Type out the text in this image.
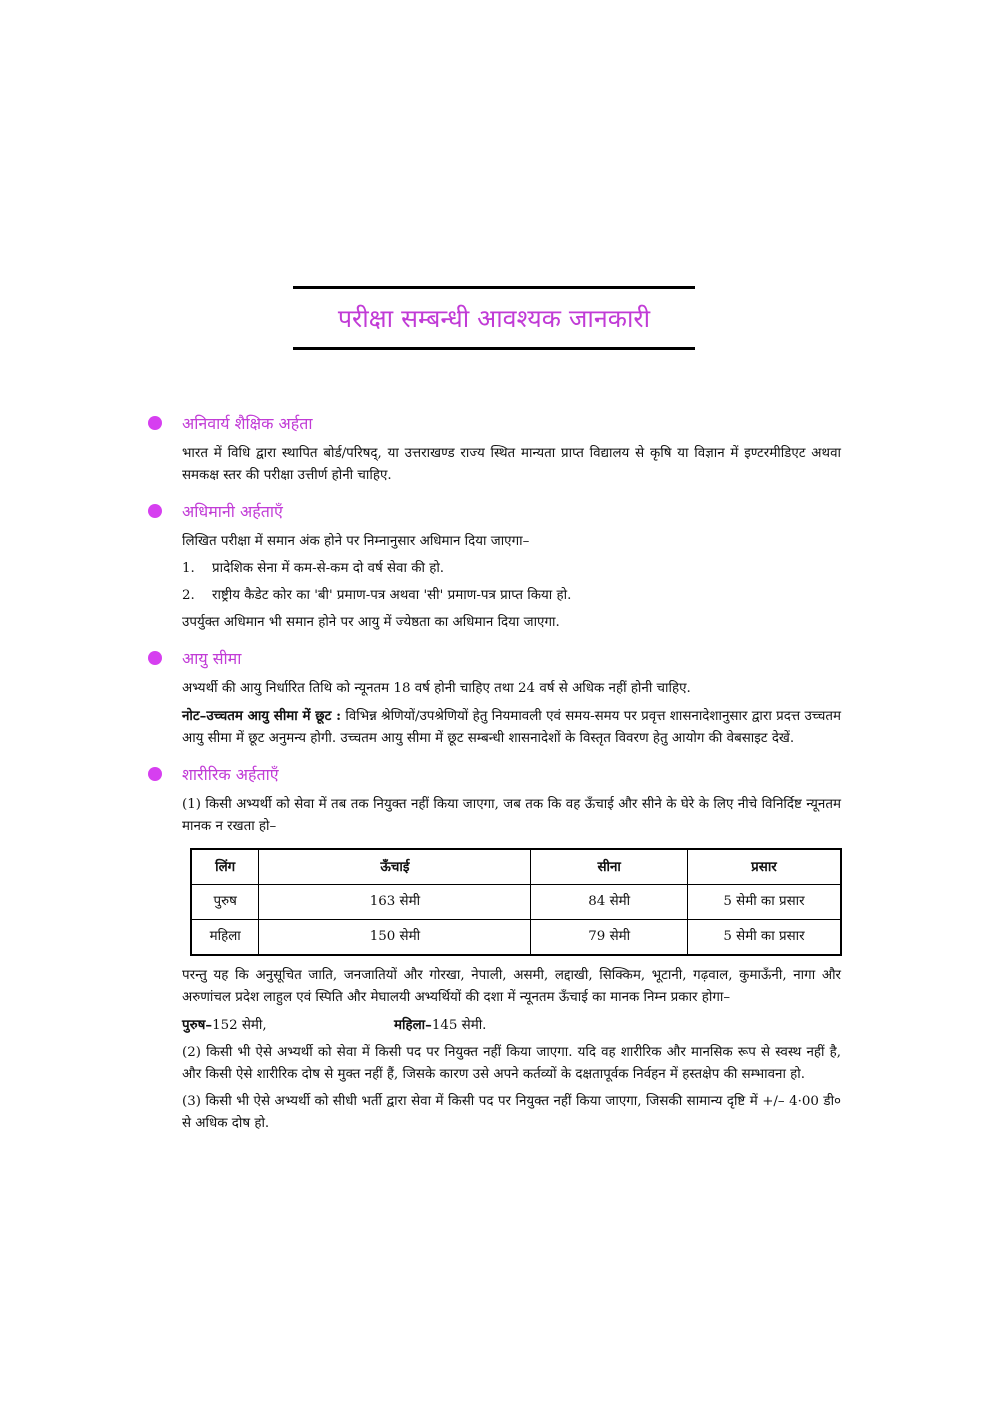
परीक्षा सम्बन्धी आवश्यक जानकारी
अनिवार्य शैक्षिक अर्हता

भारत में विधि द्वारा स्थापित बोर्ड/परिषद्, या उत्तराखण्ड राज्य स्थित मान्यता प्राप्त विद्यालय से कृषि या विज्ञान में इण्टरमीडिएट अथवा समकक्ष स्तर की परीक्षा उत्तीर्ण होनी चाहिए.

अधिमानी अर्हताएँ

लिखित परीक्षा में समान अंक होने पर निम्नानुसार अधिमान दिया जाएगा–

1.	प्रादेशिक सेना में कम-से-कम दो वर्ष सेवा की हो.
2.	राष्ट्रीय कैडेट कोर का 'बी' प्रमाण-पत्र अथवा 'सी' प्रमाण-पत्र प्राप्त किया हो.

उपर्युक्त अधिमान भी समान होने पर आयु में ज्येष्ठता का अधिमान दिया जाएगा.

आयु सीमा

अभ्यर्थी की आयु निर्धारित तिथि को न्यूनतम 18 वर्ष होनी चाहिए तथा 24 वर्ष से अधिक नहीं होनी चाहिए.

नोट–उच्चतम आयु सीमा में छूट : विभिन्न श्रेणियों/उपश्रेणियों हेतु नियमावली एवं समय-समय पर प्रवृत्त शासनादेशानुसार द्वारा प्रदत्त उच्चतम आयु सीमा में छूट अनुमन्य होगी. उच्चतम आयु सीमा में छूट सम्बन्धी शासनादेशों के विस्तृत विवरण हेतु आयोग की वेबसाइट देखें.

शारीरिक अर्हताएँ

(1) किसी अभ्यर्थी को सेवा में तब तक नियुक्त नहीं किया जाएगा, जब तक कि वह ऊँचाई और सीने के घेरे के लिए नीचे विनिर्दिष्ट न्यूनतम मानक न रखता हो–

लिंग	ऊँचाई	सीना	प्रसार
पुरुष	163 सेमी	84 सेमी	5 सेमी का प्रसार
महिला	150 सेमी	79 सेमी	5 सेमी का प्रसार

परन्तु यह कि अनुसूचित जाति, जनजातियों और गोरखा, नेपाली, असमी, लद्दाखी, सिक्किम, भूटानी, गढ़वाल, कुमाऊँनी, नागा और अरुणांचल प्रदेश लाहुल एवं स्पिति और मेघालयी अभ्यर्थियों की दशा में न्यूनतम ऊँचाई का मानक निम्न प्रकार होगा–

पुरुष–152 सेमी,	महिला–145 सेमी.

(2) किसी भी ऐसे अभ्यर्थी को सेवा में किसी पद पर नियुक्त नहीं किया जाएगा. यदि वह शारीरिक और मानसिक रूप से स्वस्थ नहीं है, और किसी ऐसे शारीरिक दोष से मुक्त नहीं हैं, जिसके कारण उसे अपने कर्तव्यों के दक्षतापूर्वक निर्वहन में हस्तक्षेप की सम्भावना हो.

(3) किसी भी ऐसे अभ्यर्थी को सीधी भर्ती द्वारा सेवा में किसी पद पर नियुक्त नहीं किया जाएगा, जिसकी सामान्य दृष्टि में +/– 4·00 डी० से अधिक दोष हो.
